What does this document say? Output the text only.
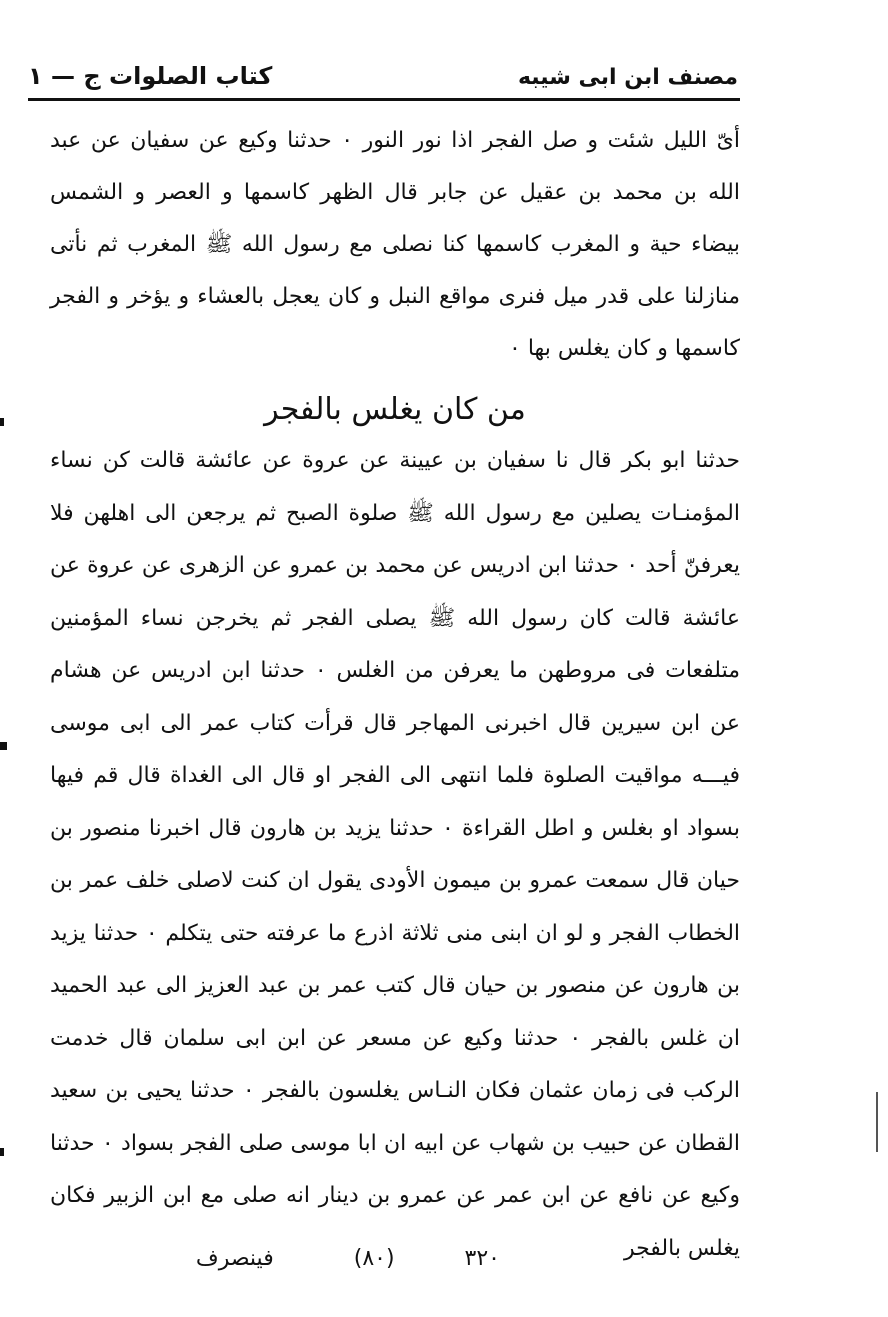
مصنف ابن ابى شيبه
كتاب الصلوات ج — ١

أىّ الليل شئت و صل الفجر اذا نور النور ۰ حدثنا وكيع عن سفيان عن عبد الله بن محمد بن عقيل عن جابر قال الظهر كاسمها و العصر و الشمس بيضاء حية و المغرب كاسمها كنا نصلى مع رسول الله ﷺ المغرب ثم نأتى منازلنا على قدر ميل فنرى مواقع النبل و كان يعجل بالعشاء و يؤخر و الفجر كاسمها و كان يغلس بها ۰

من كان يغلس بالفجر

حدثنا ابو بكر قال نا سفيان بن عيينة عن عروة عن عائشة قالت كن نساء المؤمنـات يصلين مع رسول الله ﷺ صلوة الصبح ثم يرجعن الى اهلهن فلا يعرفنّ أحد ۰ حدثنا ابن ادريس عن محمد بن عمرو عن الزهرى عن عروة عن عائشة قالت كان رسول الله ﷺ يصلى الفجر ثم يخرجن نساء المؤمنين متلفعات فى مروطهن ما يعرفن من الغلس ۰ حدثنا ابن ادريس عن هشام عن ابن سيرين قال اخبرنى المهاجر قال قرأت كتاب عمر الى ابى موسى فيـــه مواقيت الصلوة فلما انتهى الى الفجر او قال الى الغداة قال قم فيها بسواد او بغلس و اطل القراءة ۰ حدثنا يزيد بن هارون قال اخبرنا منصور بن حيان قال سمعت عمرو بن ميمون الأودى يقول ان كنت لاصلى خلف عمر بن الخطاب الفجر و لو ان ابنى منى ثلاثة اذرع ما عرفته حتى يتكلم ۰ حدثنا يزيد بن هارون عن منصور بن حيان قال كتب عمر بن عبد العزيز الى عبد الحميد ان غلس بالفجر ۰ حدثنا وكيع عن مسعر عن ابن ابى سلمان قال خدمت الركب فى زمان عثمان فكان النـاس يغلسون بالفجر ۰ حدثنا يحيى بن سعيد القطان عن حبيب بن شهاب عن ابيه ان ابا موسى صلى الفجر بسواد ۰ حدثنا وكيع عن نافع عن ابن عمر عن عمرو بن دينار انه صلى مع ابن الزبير فكان يغلس بالفجر

٣٢٠
(٨٠)
فينصرف
